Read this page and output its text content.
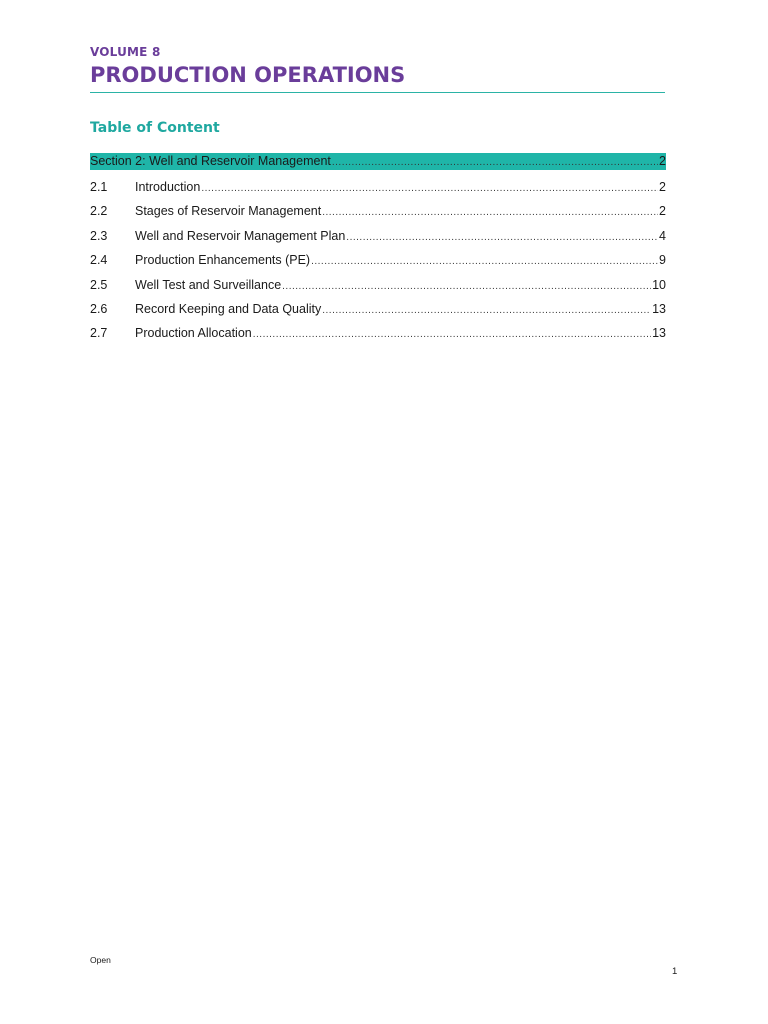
VOLUME 8
PRODUCTION OPERATIONS
Table of Content
Section 2: Well and Reservoir Management .....	2
2.1	Introduction .....	2
2.2	Stages of Reservoir Management .....	2
2.3	Well and Reservoir Management Plan .....	4
2.4	Production Enhancements (PE) .....	9
2.5	Well Test and Surveillance .....	10
2.6	Record Keeping and Data Quality .....	13
2.7	Production Allocation .....	13
Open
1
